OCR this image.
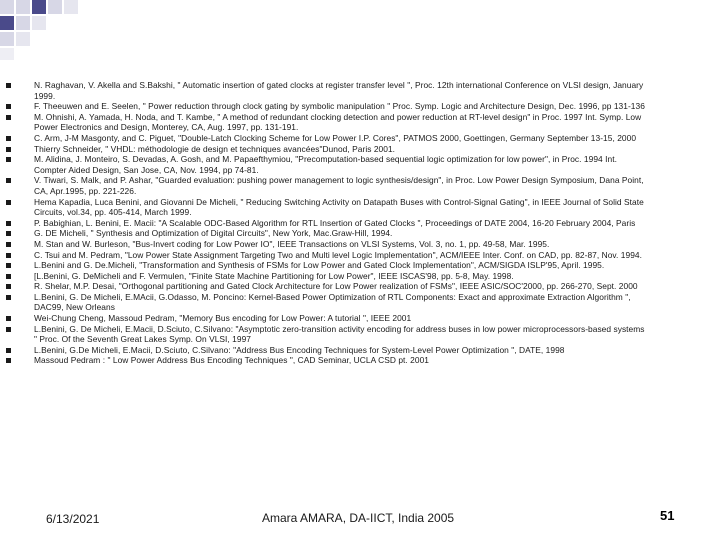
N. Raghavan, V. Akella and S.Bakshi, " Automatic insertion of gated clocks at register transfer level ", Proc. 12th international Conference on VLSI design, January 1999.
F. Theeuwen and E. Seelen, " Power reduction through clock gating by symbolic manipulation " Proc. Symp. Logic and Architecture Design, Dec. 1996, pp 131-136
M. Ohnishi, A. Yamada, H. Noda, and T. Kambe, " A method of redundant clocking detection and power reduction at RT-level design" in Proc. 1997 Int. Symp. Low Power Electronics and Design, Monterey, CA, Aug. 1997, pp. 131-191.
C. Arm, J-M Masgonty, and C. Piguet, "Double-Latch Clocking Scheme for Low Power I.P. Cores", PATMOS 2000, Goettingen, Germany September 13-15, 2000
Thierry Schneider, " VHDL: méthodologie de design et techniques avancées"Dunod, Paris 2001.
M. Alidina, J. Monteiro, S. Devadas, A. Gosh, and M. Papaefthymiou, "Precomputation-based sequential logic optimization for low power", in Proc. 1994 Int. Compter Aided Design, San Jose, CA, Nov. 1994, pp 74-81.
V. Tiwari, S. Malk, and P. Ashar, "Guarded evaluation: pushing power management to logic synthesis/design", in Proc. Low Power Design Symposium, Dana Point, CA, Apr.1995, pp. 221-226.
Hema Kapadia, Luca Benini, and Giovanni De Micheli, " Reducing Switching Activity on Datapath Buses with Control-Signal Gating", in IEEE Journal of Solid State Circuits, vol.34, pp. 405-414, March 1999.
P. Babighian, L. Benini, E. Macii: "A Scalable ODC-Based Algorithm for RTL Insertion of Gated Clocks ", Proceedings of DATE 2004, 16-20 February 2004, Paris
G. DE Micheli, " Synthesis and Optimization of Digital Circuits", New York, Mac.Graw-Hill, 1994.
M. Stan and W. Burleson, "Bus-Invert coding for Low Power IO", IEEE Transactions on VLSI Systems, Vol. 3, no. 1, pp. 49-58, Mar. 1995.
C. Tsui and M. Pedram, "Low Power State Assignment Targeting Two and Multi level Logic Implementation", ACM/IEEE Inter. Conf. on CAD, pp. 82-87, Nov. 1994.
L.Benini and G. De.Micheli, "Transformation and Synthesis of FSMs for Low Power and Gated Clock Implementation", ACM/SIGDA ISLP'95, April. 1995.
[L.Benini, G. DeMicheli and F. Vermulen, "Finite State Machine Partitioning for Low Power", IEEE ISCAS'98, pp. 5-8, May. 1998.
R. Shelar, M.P. Desai, "Orthogonal partitioning and Gated Clock Architecture for Low Power realization of FSMs", IEEE ASIC/SOC'2000, pp. 266-270, Sept. 2000
L.Benini, G. De Micheli, E.MAcii, G.Odasso, M. Poncino: Kernel-Based Power Optimization of RTL Components: Exact and approximate Extraction Algorithm ", DAC99, New Orleans
Wei-Chung Cheng, Massoud Pedram, "Memory Bus encoding for Low Power: A tutorial ", IEEE 2001
L.Benini, G. De Micheli, E.Macii, D.Sciuto, C.Silvano: "Asymptotic zero-transition activity encoding for address buses in low power microprocessors-based systems " Proc. Of the Seventh Great Lakes Symp. On VLSI, 1997
L.Benini, G.De Micheli, E.Macii, D.Sciuto, C.Silvano: "Address Bus Encoding Techniques for System-Level Power Optimization ", DATE, 1998
Massoud Pedram : " Low Power Address Bus Encoding Techniques ", CAD Seminar, UCLA CSD pt. 2001
6/13/2021	Amara AMARA, DA-IICT, India 2005	51
